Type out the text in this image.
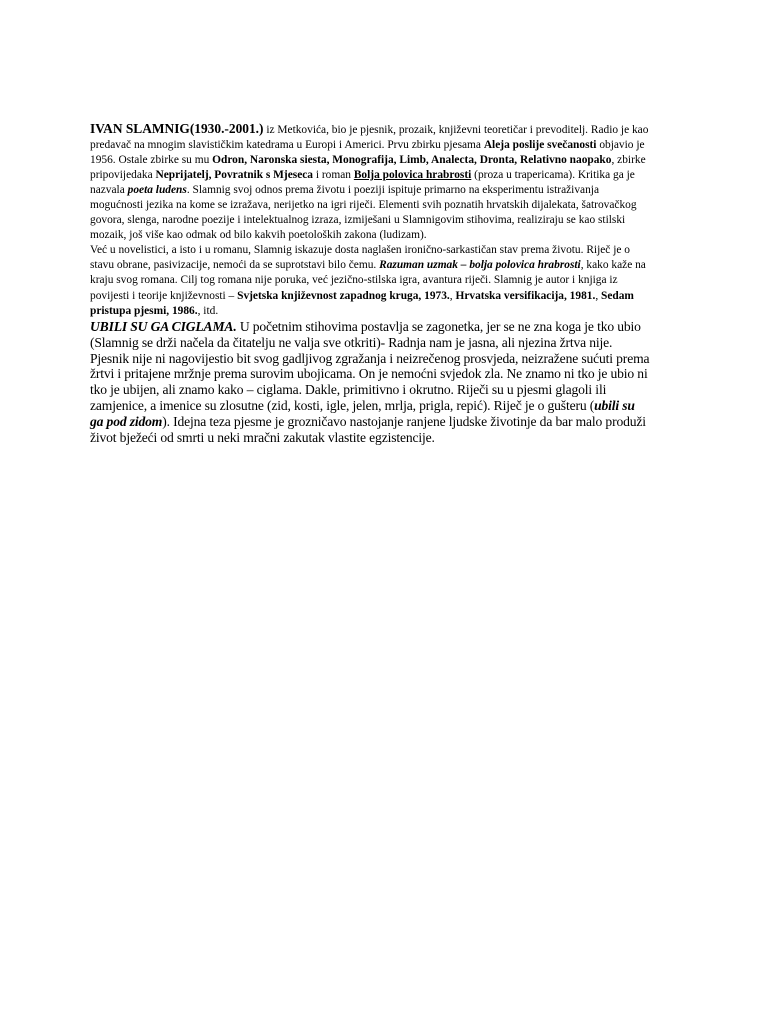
IVAN SLAMNIG(1930.-2001.) iz Metkovića, bio je pjesnik, prozaik, književni teoretičar i prevoditelj. Radio je kao predavač na mnogim slavističkim katedrama u Europi i Americi. Prvu zbirku pjesama Aleja poslije svečanosti objavio je 1956. Ostale zbirke su mu Odron, Naronska siesta, Monografija, Limb, Analecta, Dronta, Relativno naopako, zbirke pripovijedaka Neprijatelj, Povratnik s Mjeseca i roman Bolja polovica hrabrosti (proza u trapericama). Kritika ga je nazvala poeta ludens. Slamnig svoj odnos prema životu i poeziji ispituje primarno na eksperimentu istraživanja mogućnosti jezika na kome se izražava, nerijetko na igri riječi. Elementi svih poznatih hrvatskih dijalekata, šatrovačkog govora, slenga, narodne poezije i intelektualnog izraza, izmiješani u Slamnigovim stihovima, realiziraju se kao stilski mozaik, još više kao odmak od bilo kakvih poetoloških zakona (ludizam).
Već u novelistici, a isto i u romanu, Slamnig iskazuje dosta naglašen ironično-sarkastičan stav prema životu. Riječ je o stavu obrane, pasivizacije, nemoći da se suprotstavi bilo čemu. Razuman uzmak – bolja polovica hrabrosti, kako kaže na kraju svog romana. Cilj tog romana nije poruka, već jezično-stilska igra, avantura riječi. Slamnig je autor i knjiga iz povijesti i teorije književnosti – Svjetska književnost zapadnog kruga, 1973., Hrvatska versifikacija, 1981., Sedam pristupa pjesmi, 1986., itd.

UBILI SU GA CIGLAMA. U početnim stihovima postavlja se zagonetka, jer se ne zna koga je tko ubio (Slamnig se drži načela da čitatelju ne valja sve otkriti)- Radnja nam je jasna, ali njezina žrtva nije. Pjesnik nije ni nagovijestio bit svog gadljivog zgražanja i neizrečenog prosvjeda, neizražene sućuti prema žrtvi i pritajene mržnje prema surovim ubojicama. On je nemoćni svjedok zla. Ne znamo ni tko je ubio ni tko je ubijen, ali znamo kako – ciglama. Dakle, primitivno i okrutno. Riječi su u pjesmi glagoli ili zamjenice, a imenice su zlosutne (zid, kosti, igle, jelen, mrlja, prigla, repić). Riječ je o gušteru (ubili su ga pod zidom). Idejna teza pjesme je grozničavo nastojanje ranjene ljudske životinje da bar malo produži život bježeći od smrti u neki mračni zakutak vlastite egzistencije.
